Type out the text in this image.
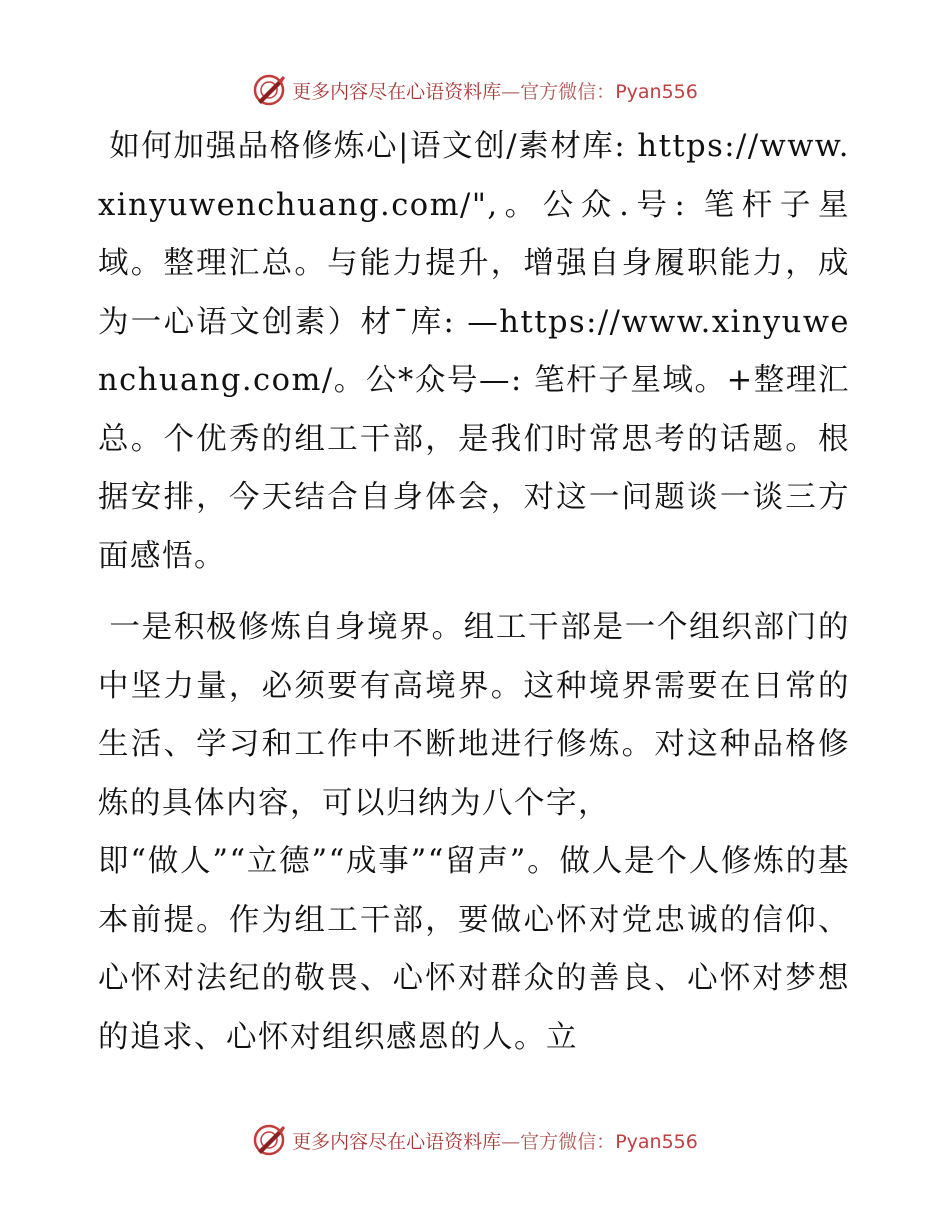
更多内容尽在心语资料库—官方微信：Pyan556

如何加强品格修炼心|语文创/素材库: https://www.xinyuwenchuang.com/",。公众.号: 笔杆子星域。整理汇总。与能力提升，增强自身履职能力，成为一心语文创素）材¯库: —https://www.xinyuwenchuang.com/。公*众号—: 笔杆子星域。+整理汇总。个优秀的组工干部，是我们时常思考的话题。根据安排，今天结合自身体会，对这一问题谈一谈三方面感悟。

一是积极修炼自身境界。组工干部是一个组织部门的中坚力量，必须要有高境界。这种境界需要在日常的生活、学习和工作中不断地进行修炼。对这种品格修炼的具体内容，可以归纳为八个字，
即“做人”“立德”“成事”“留声”。做人是个人修炼的基本前提。作为组工干部，要做心怀对党忠诚的信仰、心怀对法纪的敬畏、心怀对群众的善良、心怀对梦想的追求、心怀对组织感恩的人。立

更多内容尽在心语资料库—官方微信：Pyan556
